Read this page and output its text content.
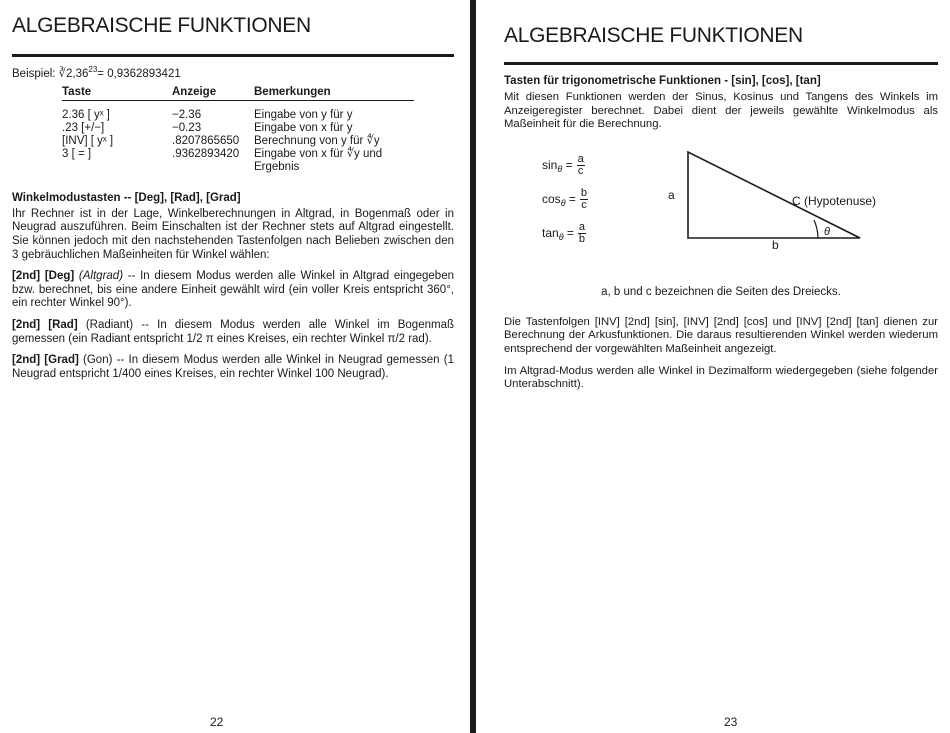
ALGEBRAISCHE FUNKTIONEN
Beispiel: $∛2,36^{23}= 0,9362893421$
Taste	Anzeige	Bemerkungen
2.36 [ yˣ ]	−2.36	Eingabe von y für y
.23 [+/−]	−0.23	Eingabe von x für y
[INV] [ yˣ ]	.8207865650	Berechnung von y für ∜y
3 [ = ]	.9362893420	Eingabe von x für ∜y und Ergebnis
Winkelmodustasten -- [Deg], [Rad], [Grad]

Ihr Rechner ist in der Lage, Winkelberechnungen in Altgrad, in Bogenmaß oder in Neugrad auszuführen. Beim Einschalten ist der Rechner stets auf Altgrad eingestellt. Sie können jedoch mit den nachstehenden Tastenfolgen nach Belieben zwischen den 3 gebräuchlichen Maßeinheiten für Winkel wählen:

[2nd] [Deg] (Altgrad) -- In diesem Modus werden alle Winkel in Altgrad eingegeben bzw. berechnet, bis eine andere Einheit gewählt wird (ein voller Kreis entspricht 360°, ein rechter Winkel 90°).

[2nd] [Rad] (Radiant) -- In diesem Modus werden alle Winkel im Bogenmaß gemessen (ein Radiant entspricht 1/2 π eines Kreises, ein rechter Winkel π/2 rad).

[2nd] [Grad] (Gon) -- In diesem Modus werden alle Winkel in Neugrad gemessen (1 Neugrad entspricht 1/400 eines Kreises, ein rechter Winkel 100 Neugrad).

22
ALGEBRAISCHE FUNKTIONEN
Tasten für trigonometrische Funktionen - [sin], [cos], [tan]

Mit diesen Funktionen werden der Sinus, Kosinus und Tangens des Winkels im Anzeigeregister berechnet. Dabei dient der jeweils gewählte Winkelmodus als Maßeinheit für die Berechnung.

$\sin \theta = \frac{a}{c}$
$\cos \theta = \frac{b}{c}$
$\tan \theta = \frac{a}{b}$
a
b
C (Hypotenuse)
θ

a, b und c bezeichnen die Seiten des Dreiecks.

Die Tastenfolgen [INV] [2nd] [sin], [INV] [2nd] [cos] und [INV] [2nd] [tan] dienen zur Berechnung der Arkusfunktionen. Die daraus resultierenden Winkel werden wiederum entsprechend der vorgewählten Maßeinheit angezeigt.

Im Altgrad-Modus werden alle Winkel in Dezimalform wiedergegeben (siehe folgender Unterabschnitt).

23
